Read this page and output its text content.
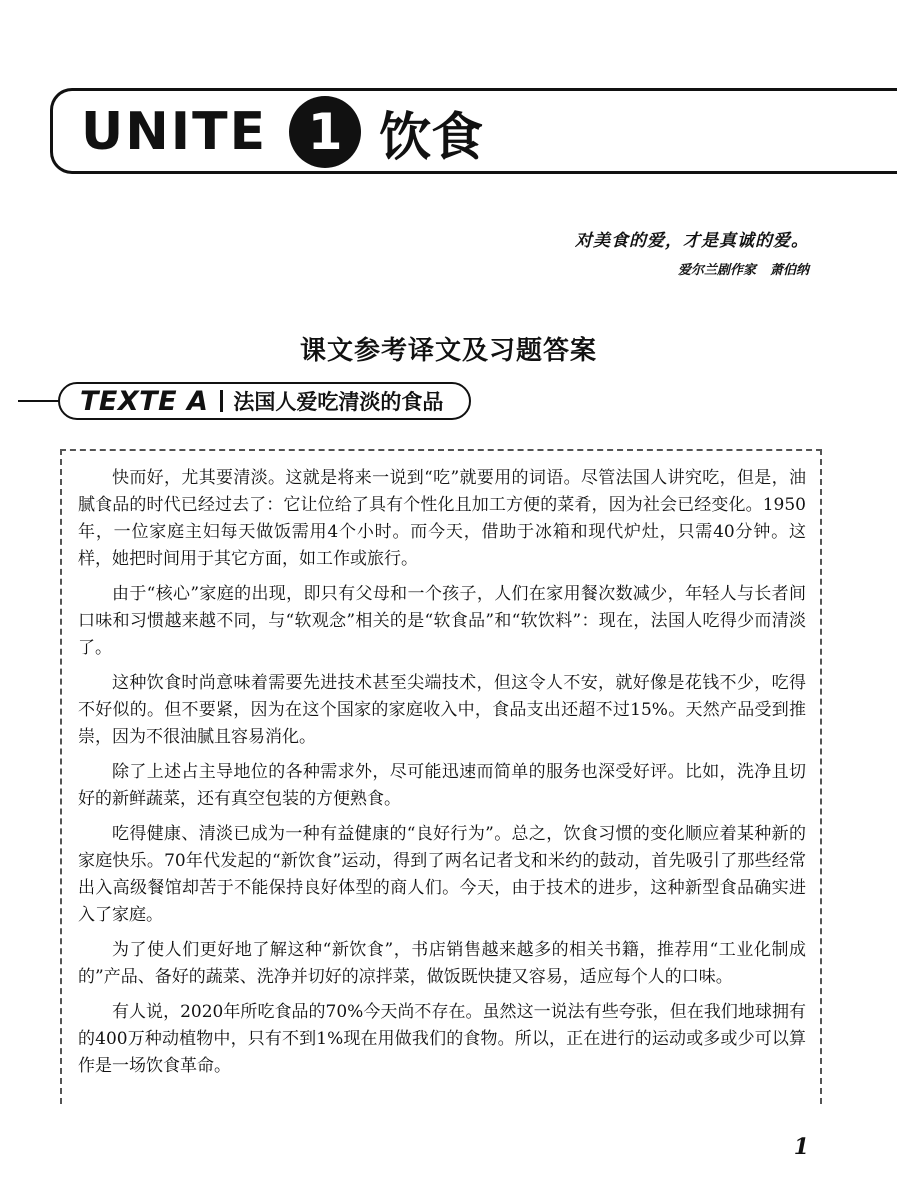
UNITE 1 饮食
对美食的爱，才是真诚的爱。
爱尔兰剧作家 萧伯纳
课文参考译文及习题答案
TEXTE A 法国人爱吃清淡的食品

快而好，尤其要清淡。这就是将来一说到“吃”就要用的词语。尽管法国人讲究吃，但是，油腻食品的时代已经过去了：它让位给了具有个性化且加工方便的菜肴，因为社会已经变化。1950年，一位家庭主妇每天做饭需用4个小时。而今天，借助于冰箱和现代炉灶，只需40分钟。这样，她把时间用于其它方面，如工作或旅行。

由于“核心”家庭的出现，即只有父母和一个孩子，人们在家用餐次数减少，年轻人与长者间口味和习惯越来越不同，与“软观念”相关的是“软食品”和“软饮料”：现在，法国人吃得少而清淡了。

这种饮食时尚意味着需要先进技术甚至尖端技术，但这令人不安，就好像是花钱不少，吃得不好似的。但不要紧，因为在这个国家的家庭收入中，食品支出还超不过15%。天然产品受到推崇，因为不很油腻且容易消化。

除了上述占主导地位的各种需求外，尽可能迅速而简单的服务也深受好评。比如，洗净且切好的新鲜蔬菜，还有真空包装的方便熟食。

吃得健康、清淡已成为一种有益健康的“良好行为”。总之，饮食习惯的变化顺应着某种新的家庭快乐。70年代发起的“新饮食”运动，得到了两名记者戈和米约的鼓动，首先吸引了那些经常出入高级餐馆却苦于不能保持良好体型的商人们。今天，由于技术的进步，这种新型食品确实进入了家庭。

为了使人们更好地了解这种“新饮食”，书店销售越来越多的相关书籍，推荐用“工业化制成的”产品、备好的蔬菜、洗净并切好的凉拌菜，做饭既快捷又容易，适应每个人的口味。

有人说，2020年所吃食品的70%今天尚不存在。虽然这一说法有些夸张，但在我们地球拥有的400万种动植物中，只有不到1%现在用做我们的食物。所以，正在进行的运动或多或少可以算作是一场饮食革命。

1
